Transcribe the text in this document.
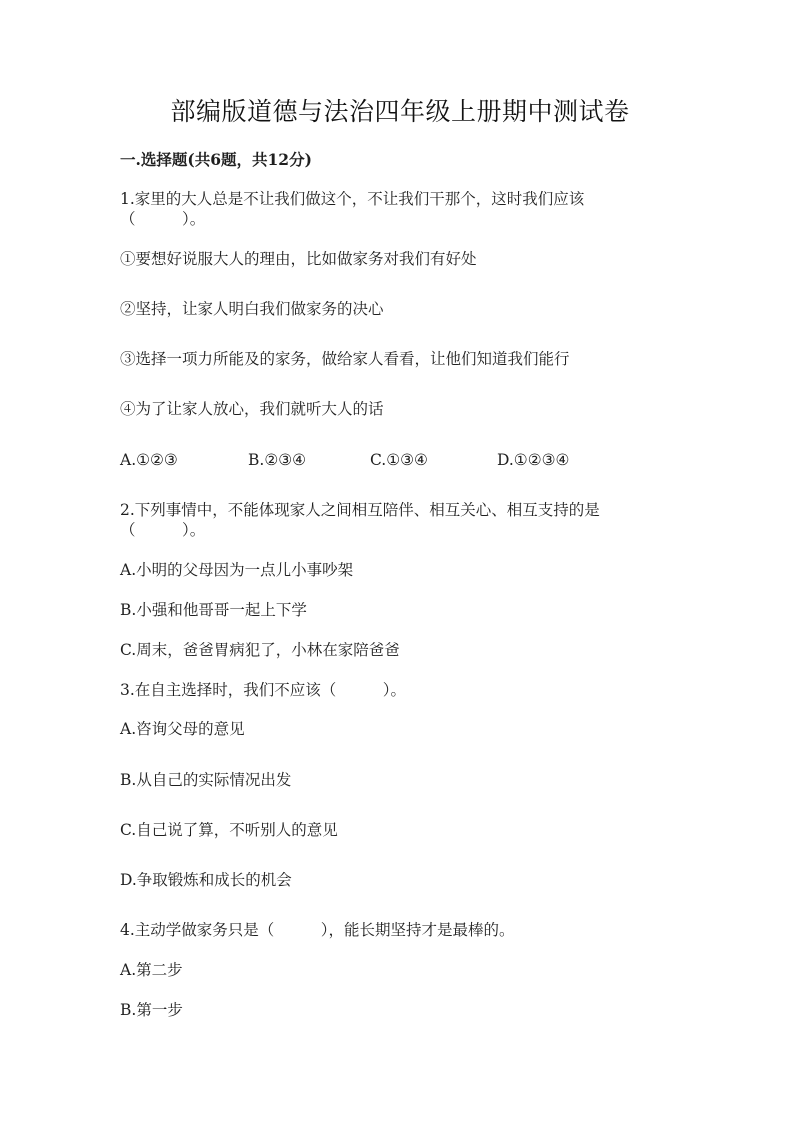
部编版道德与法治四年级上册期中测试卷
一.选择题(共6题，共12分)
1.家里的大人总是不让我们做这个，不让我们干那个，这时我们应该
（　　　）。
①要想好说服大人的理由，比如做家务对我们有好处
②坚持，让家人明白我们做家务的决心
③选择一项力所能及的家务，做给家人看看，让他们知道我们能行
④为了让家人放心，我们就听大人的话
A.①②③	B.②③④	C.①③④	D.①②③④
2.下列事情中，不能体现家人之间相互陪伴、相互关心、相互支持的是
（　　　）。
A.小明的父母因为一点儿小事吵架
B.小强和他哥哥一起上下学
C.周末，爸爸胃病犯了，小林在家陪爸爸
3.在自主选择时，我们不应该（　　　）。
A.咨询父母的意见
B.从自己的实际情况出发
C.自己说了算，不听别人的意见
D.争取锻炼和成长的机会
4.主动学做家务只是（　　　），能长期坚持才是最棒的。
A.第二步
B.第一步
